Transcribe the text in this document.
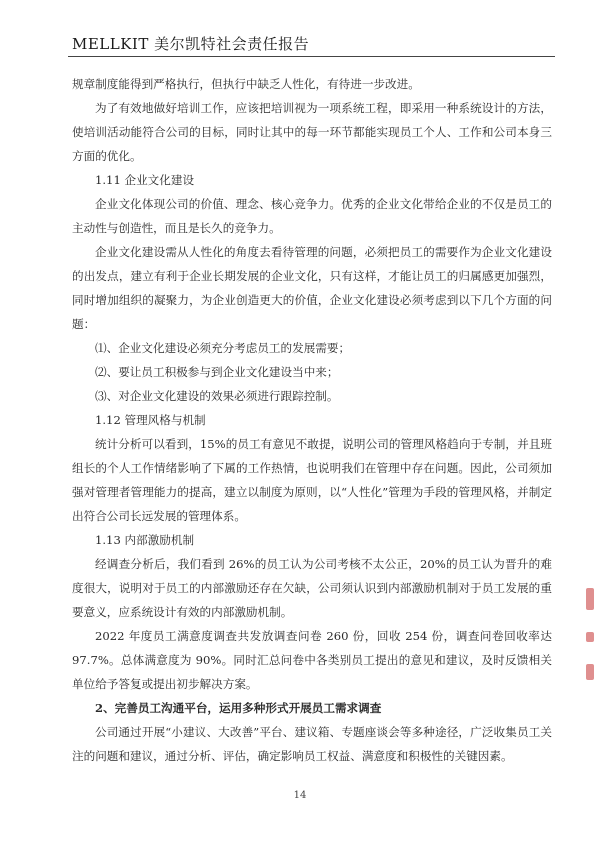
MELLKIT 美尔凯特社会责任报告

规章制度能得到严格执行，但执行中缺乏人性化，有待进一步改进。

为了有效地做好培训工作，应该把培训视为一项系统工程，即采用一种系统设计的方法，使培训活动能符合公司的目标，同时让其中的每一环节都能实现员工个人、工作和公司本身三方面的优化。

1.11 企业文化建设

企业文化体现公司的价值、理念、核心竞争力。优秀的企业文化带给企业的不仅是员工的主动性与创造性，而且是长久的竞争力。

企业文化建设需从人性化的角度去看待管理的问题，必须把员工的需要作为企业文化建设的出发点，建立有利于企业长期发展的企业文化，只有这样，才能让员工的归属感更加强烈，同时增加组织的凝聚力，为企业创造更大的价值，企业文化建设必须考虑到以下几个方面的问题：

⑴、企业文化建设必须充分考虑员工的发展需要；

⑵、要让员工积极参与到企业文化建设当中来；

⑶、对企业文化建设的效果必须进行跟踪控制。

1.12 管理风格与机制

统计分析可以看到，15%的员工有意见不敢提，说明公司的管理风格趋向于专制，并且班组长的个人工作情绪影响了下属的工作热情，也说明我们在管理中存在问题。因此，公司须加强对管理者管理能力的提高，建立以制度为原则，以“人性化”管理为手段的管理风格，并制定出符合公司长远发展的管理体系。

1.13 内部激励机制

经调查分析后，我们看到 26%的员工认为公司考核不太公正，20%的员工认为晋升的难度很大，说明对于员工的内部激励还存在欠缺，公司须认识到内部激励机制对于员工发展的重要意义，应系统设计有效的内部激励机制。

2022 年度员工满意度调查共发放调查问卷 260 份，回收 254 份，调查问卷回收率达 97.7%。总体满意度为 90%。同时汇总问卷中各类别员工提出的意见和建议，及时反馈相关单位给予答复或提出初步解决方案。

2、完善员工沟通平台，运用多种形式开展员工需求调查

公司通过开展“小建议、大改善”平台、建议箱、专题座谈会等多种途径，广泛收集员工关注的问题和建议，通过分析、评估，确定影响员工权益、满意度和积极性的关键因素。

14
